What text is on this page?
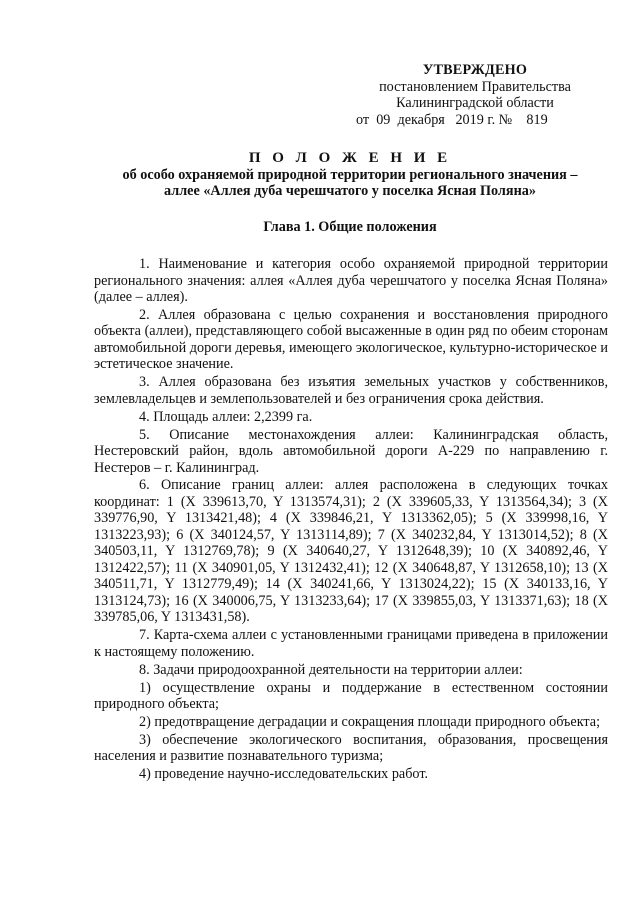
УТВЕРЖДЕНО
постановлением Правительства
Калининградской области
от  09  декабря   2019 г. №    819
П О Л О Ж Е Н И Е
об особо охраняемой природной территории регионального значения –
аллее «Аллея дуба черешчатого у поселка Ясная Поляна»
Глава 1. Общие положения

1. Наименование и категория особо охраняемой природной территории регионального значения: аллея «Аллея дуба черешчатого у поселка Ясная Поляна» (далее – аллея).

2. Аллея образована с целью сохранения и восстановления природного объекта (аллеи), представляющего собой высаженные в один ряд по обеим сторонам автомобильной дороги деревья, имеющего экологическое, культурно-историческое и эстетическое значение.

3. Аллея образована без изъятия земельных участков у собственников, землевладельцев и землепользователей и без ограничения срока действия.

4. Площадь аллеи: 2,2399 га.

5. Описание местонахождения аллеи: Калининградская область, Нестеровский район, вдоль автомобильной дороги А-229 по направлению г. Нестеров – г. Калининград.

6. Описание границ аллеи: аллея расположена в следующих точках координат: 1 (X 339613,70, Y 1313574,31); 2 (X 339605,33, Y 1313564,34); 3 (X 339776,90, Y 1313421,48); 4 (X 339846,21, Y 1313362,05); 5 (X 339998,16, Y 1313223,93); 6 (X 340124,57, Y 1313114,89); 7 (X 340232,84, Y 1313014,52); 8 (X 340503,11, Y 1312769,78); 9 (X 340640,27, Y 1312648,39); 10 (X 340892,46, Y 1312422,57); 11 (X 340901,05, Y 1312432,41); 12 (X 340648,87, Y 1312658,10); 13 (X 340511,71, Y 1312779,49); 14 (X 340241,66, Y 1313024,22); 15 (X 340133,16, Y 1313124,73); 16 (X 340006,75, Y 1313233,64); 17 (X 339855,03, Y 1313371,63); 18 (X 339785,06, Y 1313431,58).

7. Карта-схема аллеи с установленными границами приведена в приложении к настоящему положению.

8. Задачи природоохранной деятельности на территории аллеи:

1) осуществление охраны и поддержание в естественном состоянии природного объекта;

2) предотвращение деградации и сокращения площади природного объекта;

3) обеспечение экологического воспитания, образования, просвещения населения и развитие познавательного туризма;

4) проведение научно-исследовательских работ.
